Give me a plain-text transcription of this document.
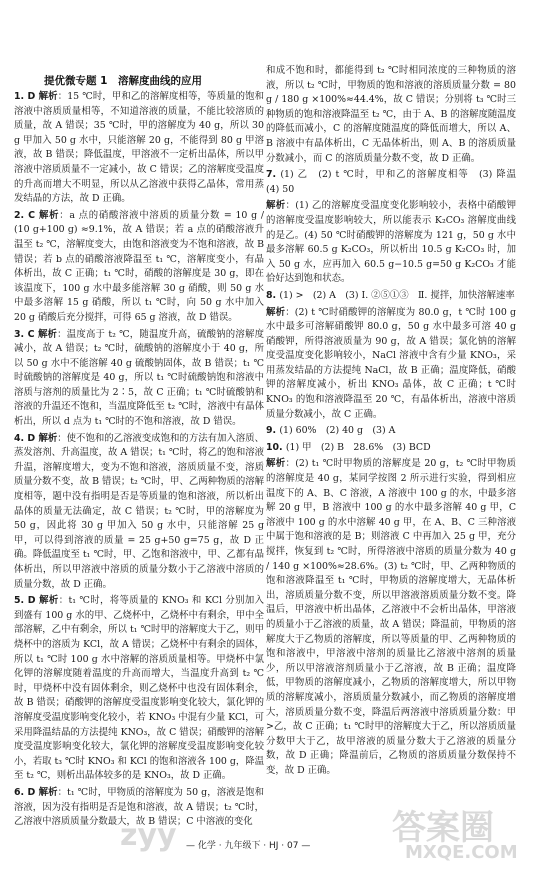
提优微专题 1　溶解度曲线的应用
1. D 解析：15 ℃时，甲和乙的溶解度相等，等质量的饱和溶液中溶质质量相等，不知道溶液的质量，不能比较溶质的质量，故 A 错误；35 ℃时，甲的溶解度为 40 g，所以 30 g 甲加入 50 g 水中，只能溶解 20 g，不能得到 80 g 甲溶液，故 B 错误；降低温度，甲溶液不一定析出晶体，所以甲溶液中溶质质量不一定减小，故 C 错误；乙的溶解度受温度的升高而增大不明显，所以从乙溶液中获得乙晶体，常用蒸发结晶的方法，故 D 正确。
2. C 解析：a 点的硝酸溶液中溶质的质量分数 = 10 g / (10 g+100 g) ≈9.1%，故 A 错误；若 a 点的硝酸溶液升温至 t₂ ℃，溶解度变大，由饱和溶液变为不饱和溶液，故 B 错误；若 b 点的硝酸溶液降温至 t₁ ℃，溶解度变小，有晶体析出，故 C 正确；t₁ ℃时，硝酸的溶解度是 30 g，即在该温度下，100 g 水中最多能溶解 30 g 硝酸，则 50 g 水中最多溶解 15 g 硝酸，所以 t₁ ℃时，向 50 g 水中加入 20 g 硝酸后充分搅拌，可得 65 g 溶液，故 D 错误。
3. C 解析：温度高于 t₂ ℃，随温度升高，硫酸钠的溶解度减小，故 A 错误；t₂ ℃时，硫酸钠的溶解度小于 40 g，所以 50 g 水中不能溶解 40 g 硫酸钠固体，故 B 错误；t₁ ℃时硫酸钠的溶解度是 40 g，所以 t₁ ℃时硫酸钠饱和溶液中溶质与溶剂的质量比为 2∶5，故 C 正确；t₁ ℃时硫酸钠和溶液的升温还不饱和，当温度降低至 t₂ ℃时，溶液中有晶体析出，所以 d 点为 t₁ ℃时的不饱和溶液，故 D 错误。
4. D 解析：使不饱和的乙溶液变成饱和的方法有加入溶质、蒸发溶剂、升高温度，故 A 错误；t₁ ℃时，将乙的饱和溶液升温，溶解度增大，变为不饱和溶液，溶质质量不变，溶质质量分数不变，故 B 错误；t₂ ℃时，甲、乙两种物质的溶解度相等，题中没有指明是否是等质量的饱和溶液，所以析出晶体的质量无法确定，故 C 错误；t₂ ℃时，甲的溶解度为 50 g，因此将 30 g 甲加入 50 g 水中，只能溶解 25 g 甲，可以得到溶液的质量 = 25 g+50 g=75 g，故 D 正确。降低温度至 t₁ ℃时，甲、乙饱和溶液中，甲、乙都有晶体析出，所以甲溶液中溶质的质量分数小于乙溶液中溶质的质量分数，故 D 正确。
5. D 解析：t₁ ℃时，将等质量的 KNO₃ 和 KCl 分别加入到盛有 100 g 水的甲、乙烧杯中，乙烧杯中有剩余，甲中全部溶解，乙中有剩余，所以 t₁ ℃时甲的溶解度大于乙，则甲烧杯中的溶质为 KCl，故 A 错误；乙烧杯中有剩余的固体，所以 t₁ ℃时 100 g 水中溶解的溶质质量相等。甲烧杯中氯化钾的溶解度随着温度的升高而增大，当温度升高到 t₂ ℃时，甲烧杯中没有固体剩余，则乙烧杯中也没有固体剩余，故 B 错误；硝酸钾的溶解度受温度影响变化较大，氯化钾的溶解度受温度影响变化较小，若 KNO₃ 中混有少量 KCl，可采用降温结晶的方法提纯 KNO₃，故 C 错误；硝酸钾的溶解度受温度影响变化较大，氯化钾的溶解度受温度影响变化较小，若取 t₃ ℃时 KNO₃ 和 KCl 的饱和溶液各 100 g，降温至 t₂ ℃，则析出晶体较多的是 KNO₃，故 D 正确。
6. D 解析：t₁ ℃时，甲物质的溶解度为 50 g，溶液是饱和溶液，因为没有指明是否是饱和溶液，故 A 错误；t₂ ℃时，乙溶液中溶质质量分数最大，故 B 错误；C 中溶液的变化
和成不饱和时，都能得到 t₂ ℃时相同浓度的三种物质的溶液，所以 t₂ ℃时，甲物质的饱和溶液的溶质质量分数 = 80 g / 180 g ×100%≈44.4%，故 C 错误；分别将 t₃ ℃时三种物质的饱和溶液降温至 t₂ ℃，由于 A、B 的溶解度随温度的降低而减小，C 的溶解度随温度的降低而增大，所以 A、B 溶液中有晶体析出，C 无晶体析出，则 A、B 的溶质质量分数减小，而 C 的溶质质量分数不变，故 D 正确。
7. (1) 乙　(2) t ℃时，甲和乙的溶解度相等　(3) 降温　(4) 50
解析：(1) 乙的溶解度受温度变化影响较小，表格中硝酸钾的溶解度受温度影响较大，所以能表示 K₂CO₃ 溶解度曲线的是乙。(4) 50 ℃时硝酸钾的溶解度为 121 g，50 g 水中最多溶解 60.5 g K₂CO₃，所以析出 10.5 g K₂CO₃ 时，加入 50 g 水，应再加入 60.5 g−10.5 g=50 g K₂CO₃ 才能恰好达到饱和状态。
8. (1) >　(2) A　(3) Ⅰ. ②⑤①③　Ⅱ. 搅拌，加快溶解速率
解析：(2) t ℃时硝酸钾的溶解度为 80.0 g，t ℃时 100 g 水中最多可溶解硝酸钾 80.0 g，50 g 水中最多可溶 40 g 硝酸钾，所得溶液质量为 90 g，故 A 错误；氯化钠的溶解度受温度变化影响较小，NaCl 溶液中含有少量 KNO₃，采用蒸发结晶的方法提纯 NaCl，故 B 正确；温度降低，硝酸钾的溶解度减小，析出 KNO₃ 晶体，故 C 正确；t ℃时 KNO₃ 的饱和溶液降温至 20 ℃，有晶体析出，溶液中溶质质量分数减小，故 C 正确。
9. (1) 60%　(2) 40 g　(3) A
10. (1) 甲　(2) B　28.6%　(3) BCD
解析：(2) t₁ ℃时甲物质的溶解度是 20 g，t₂ ℃时甲物质的溶解度是 40 g，某同学按图 2 所示进行实验，得到相应温度下的 A、B、C 溶液，A 溶液中 100 g 的水，中最多溶解 20 g 甲，B 溶液中 100 g 的水中最多溶解 40 g 甲，C 溶液中 100 g 的水中溶解 40 g 甲，在 A、B、C 三种溶液中属于饱和溶液的是 B；则溶液 C 中再加入 25 g 甲，充分搅拌，恢复到 t₂ ℃时，所得溶液中溶质的质量分数为 40 g / 140 g ×100%≈28.6%。(3) t₂ ℃时，甲、乙两种物质的饱和溶液降温至 t₁ ℃时，甲物质的溶解度增大，无晶体析出，溶质质量分数不变，所以甲溶液溶质质量分数不变。降温后，甲溶液中析出晶体，乙溶液中不会析出晶体，甲溶液的质量小于乙溶液的质量，故 A 错误；降温前，甲物质的溶解度大于乙物质的溶解度，所以等质量的甲、乙两种物质的饱和溶液中，甲溶液中溶剂的质量比乙溶液中溶剂的质量少，所以甲溶液溶剂质量小于乙溶液，故 B 正确；温度降低，甲物质的溶解度减小，乙物质的溶解度增大，所以甲物质的溶解度减小，溶质质量分数减小，而乙物质的溶解度增大，溶质质量分数不变，降温后两溶液中溶质质量分数：甲>乙，故 C 正确；t₁ ℃时甲的溶解度大于乙，所以溶质质量分数甲大于乙，故甲溶液的质量分数大于乙溶液的质量分数，故 D 正确；降温前后，乙物质的溶质质量分数保持不变，故 D 正确。
— 化学 · 九年级下 · HJ · 07 —
zyy	答案圈
MXQE.COM
